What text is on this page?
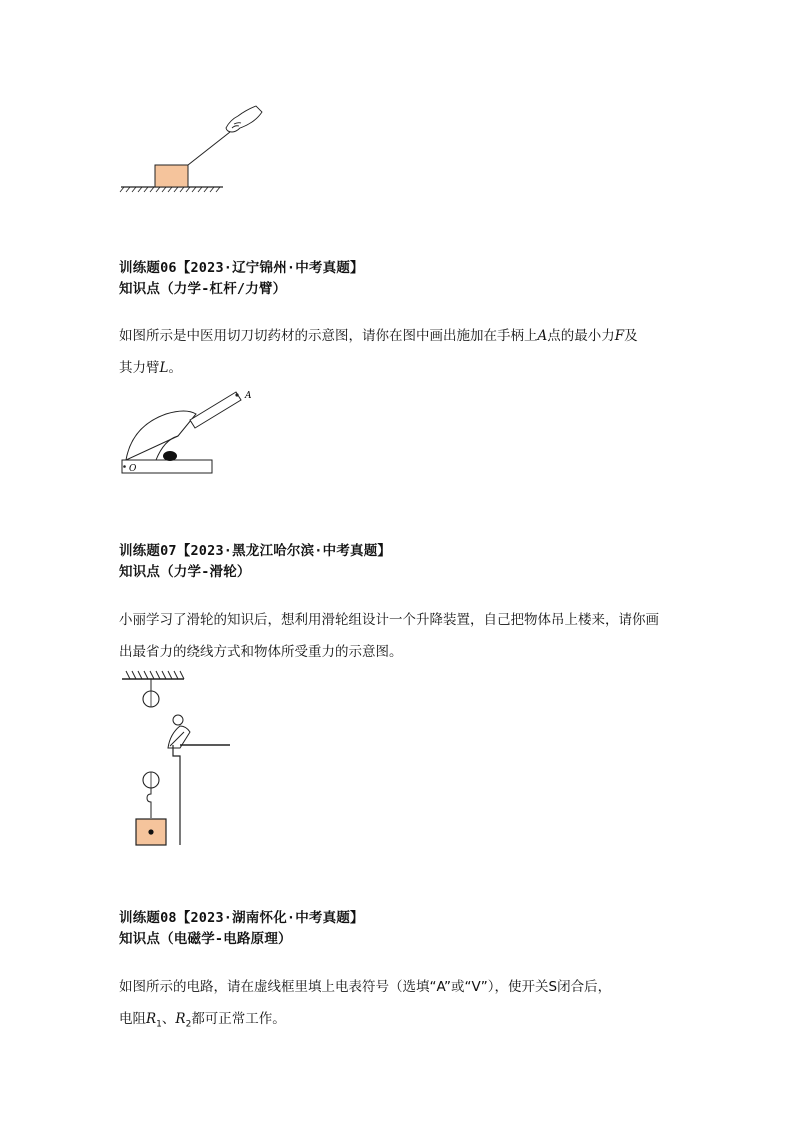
训练题06【2023·辽宁锦州·中考真题】
知识点（力学-杠杆/力臂）
如图所示是中医用切刀切药材的示意图，请你在图中画出施加在手柄上A点的最小力F及
其力臂L。
O
A
训练题07【2023·黑龙江哈尔滨·中考真题】
知识点（力学-滑轮）
小丽学习了滑轮的知识后，想利用滑轮组设计一个升降装置，自己把物体吊上楼来，请你画
出最省力的绕线方式和物体所受重力的示意图。
训练题08【2023·湖南怀化·中考真题】
知识点（电磁学-电路原理）
如图所示的电路，请在虚线框里填上电表符号（选填“A”或“V”），使开关S闭合后，
电阻$R_1$、$R_2$都可正常工作。
